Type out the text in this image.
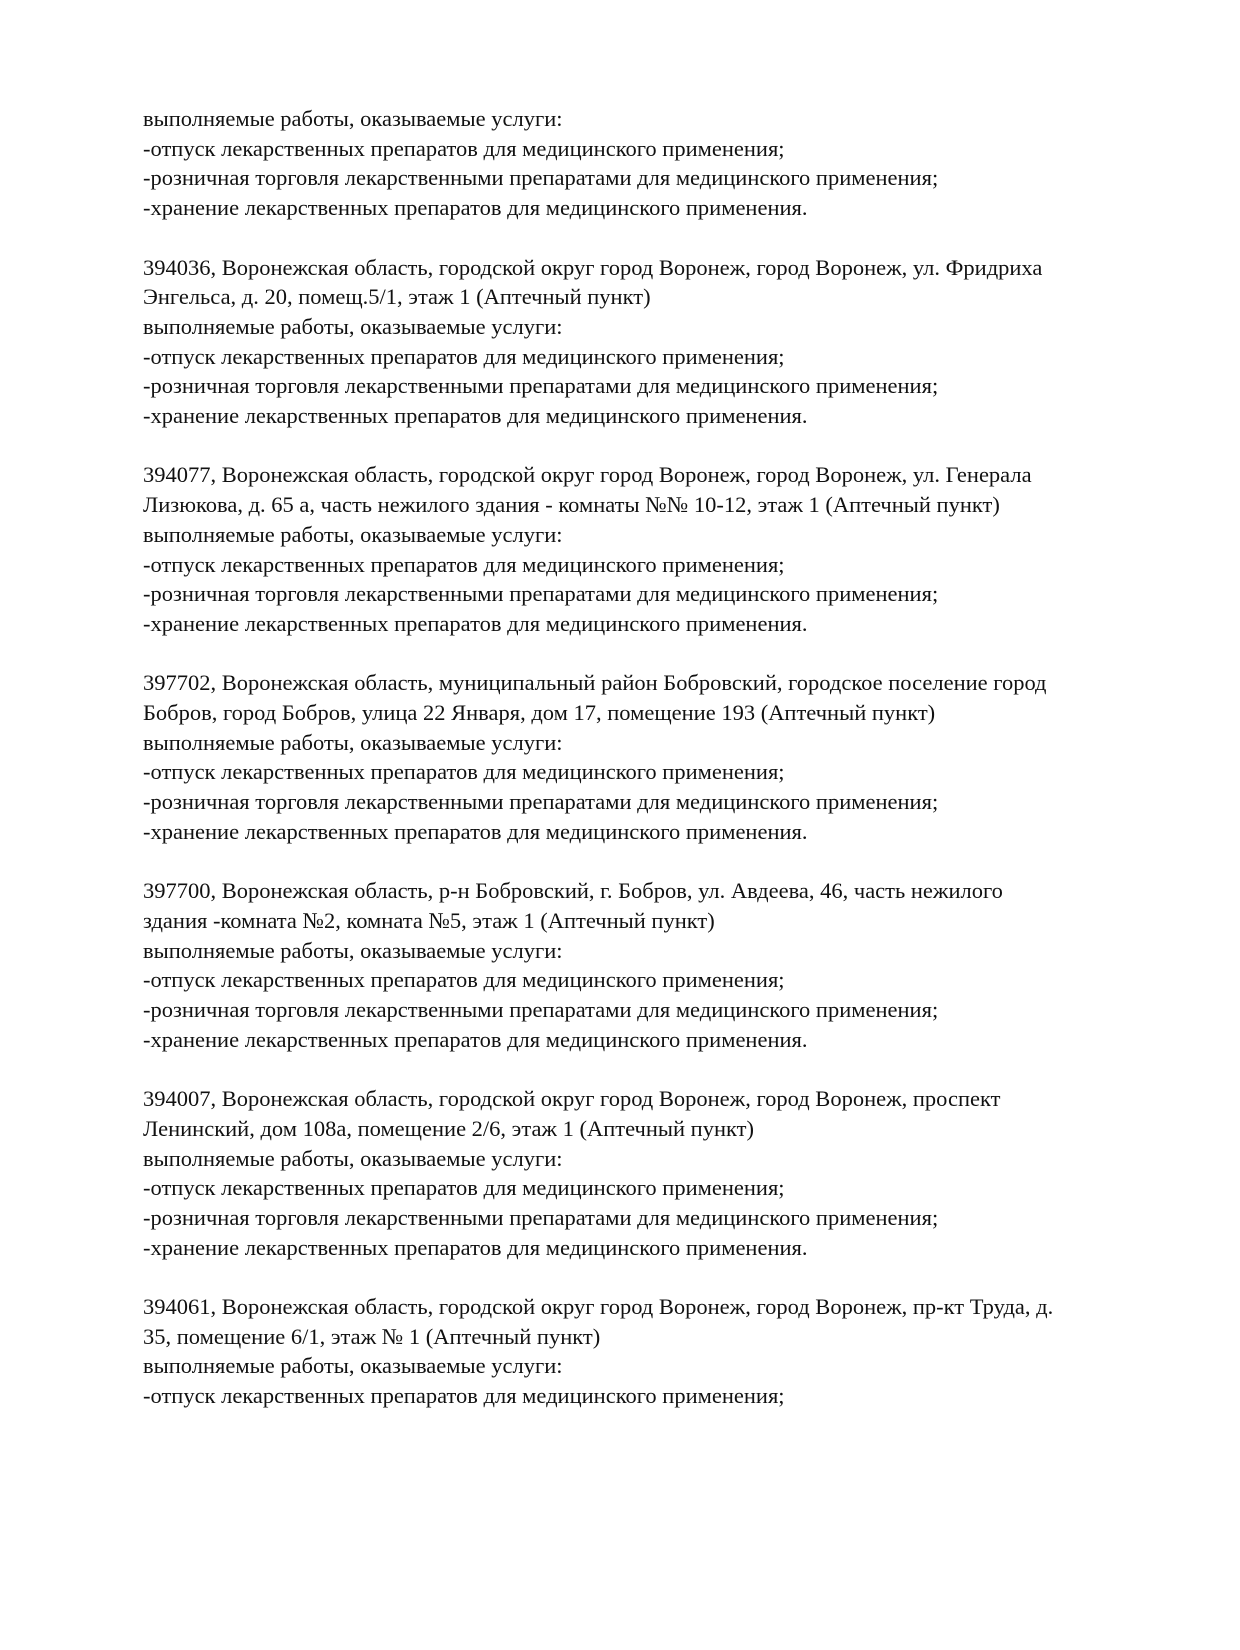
выполняемые работы, оказываемые услуги:
-отпуск лекарственных препаратов для медицинского применения;
-розничная торговля лекарственными препаратами для медицинского применения;
-хранение лекарственных препаратов для медицинского применения.
394036, Воронежская область, городской округ город Воронеж, город Воронеж, ул. Фридриха
Энгельса, д. 20, помещ.5/1, этаж 1 (Аптечный пункт)
выполняемые работы, оказываемые услуги:
-отпуск лекарственных препаратов для медицинского применения;
-розничная торговля лекарственными препаратами для медицинского применения;
-хранение лекарственных препаратов для медицинского применения.
394077, Воронежская область, городской округ город Воронеж, город Воронеж, ул. Генерала
Лизюкова, д. 65 а, часть нежилого здания - комнаты №№ 10-12, этаж 1 (Аптечный пункт)
выполняемые работы, оказываемые услуги:
-отпуск лекарственных препаратов для медицинского применения;
-розничная торговля лекарственными препаратами для медицинского применения;
-хранение лекарственных препаратов для медицинского применения.
397702, Воронежская область, муниципальный район Бобровский, городское поселение город
Бобров, город Бобров, улица 22 Января, дом 17, помещение 193 (Аптечный пункт)
выполняемые работы, оказываемые услуги:
-отпуск лекарственных препаратов для медицинского применения;
-розничная торговля лекарственными препаратами для медицинского применения;
-хранение лекарственных препаратов для медицинского применения.
397700, Воронежская область, р-н Бобровский, г. Бобров, ул. Авдеева, 46, часть нежилого
здания -комната №2, комната №5, этаж 1 (Аптечный пункт)
выполняемые работы, оказываемые услуги:
-отпуск лекарственных препаратов для медицинского применения;
-розничная торговля лекарственными препаратами для медицинского применения;
-хранение лекарственных препаратов для медицинского применения.
394007, Воронежская область, городской округ город Воронеж, город Воронеж, проспект
Ленинский, дом 108а, помещение 2/6, этаж 1 (Аптечный пункт)
выполняемые работы, оказываемые услуги:
-отпуск лекарственных препаратов для медицинского применения;
-розничная торговля лекарственными препаратами для медицинского применения;
-хранение лекарственных препаратов для медицинского применения.
394061, Воронежская область, городской округ город Воронеж, город Воронеж, пр-кт Труда, д.
35, помещение 6/1, этаж № 1 (Аптечный пункт)
выполняемые работы, оказываемые услуги:
-отпуск лекарственных препаратов для медицинского применения;
